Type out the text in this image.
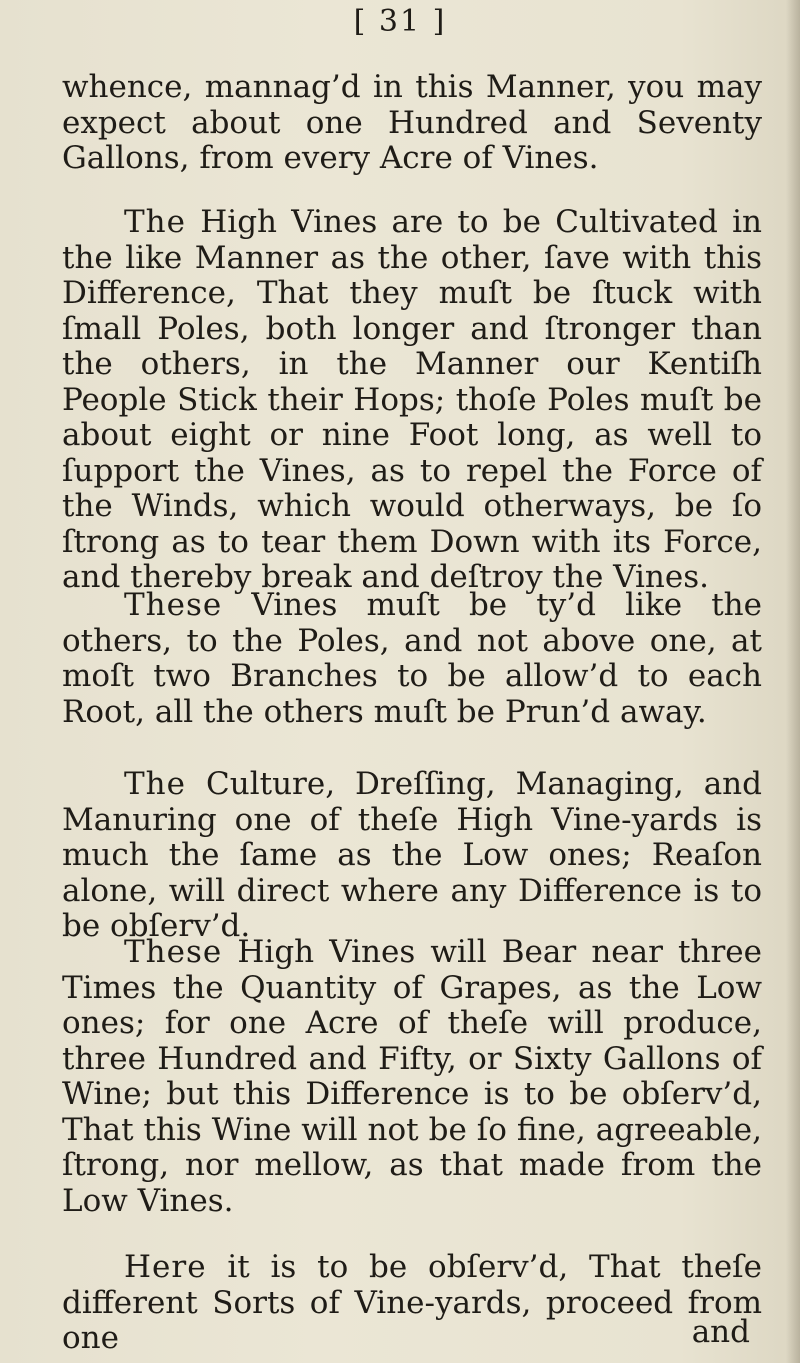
[ 31 ]

whence, mannag’d in this Manner, you may expect about one Hundred and Seventy Gallons, from every Acre of Vines.

The High Vines are to be Cultivated in the like Manner as the other, ſave with this Difference, That they muſt be ſtuck with ſmall Poles, both longer and ſtronger than the others, in the Manner our Kentiſh People Stick their Hops; thoſe Poles muſt be about eight or nine Foot long, as well to ſupport the Vines, as to repel the Force of the Winds, which would otherways, be ſo ſtrong as to tear them Down with its Force, and thereby break and deſtroy the Vines.

These Vines muſt be ty’d like the others, to the Poles, and not above one, at moſt two Branches to be allow’d to each Root, all the others muſt be Prun’d away.

The Culture, Dreſſing, Managing, and Manuring one of theſe High Vine-yards is much the ſame as the Low ones; Reaſon alone, will direct where any Difference is to be obſerv’d.

These High Vines will Bear near three Times the Quantity of Grapes, as the Low ones; for one Acre of theſe will produce, three Hundred and Fifty, or Sixty Gallons of Wine; but this Difference is to be obſerv’d, That this Wine will not be ſo fine, agreeable, ſtrong, nor mellow, as that made from the Low Vines.

Here it is to be obſerv’d, That theſe different Sorts of Vine-yards, proceed from one	and
